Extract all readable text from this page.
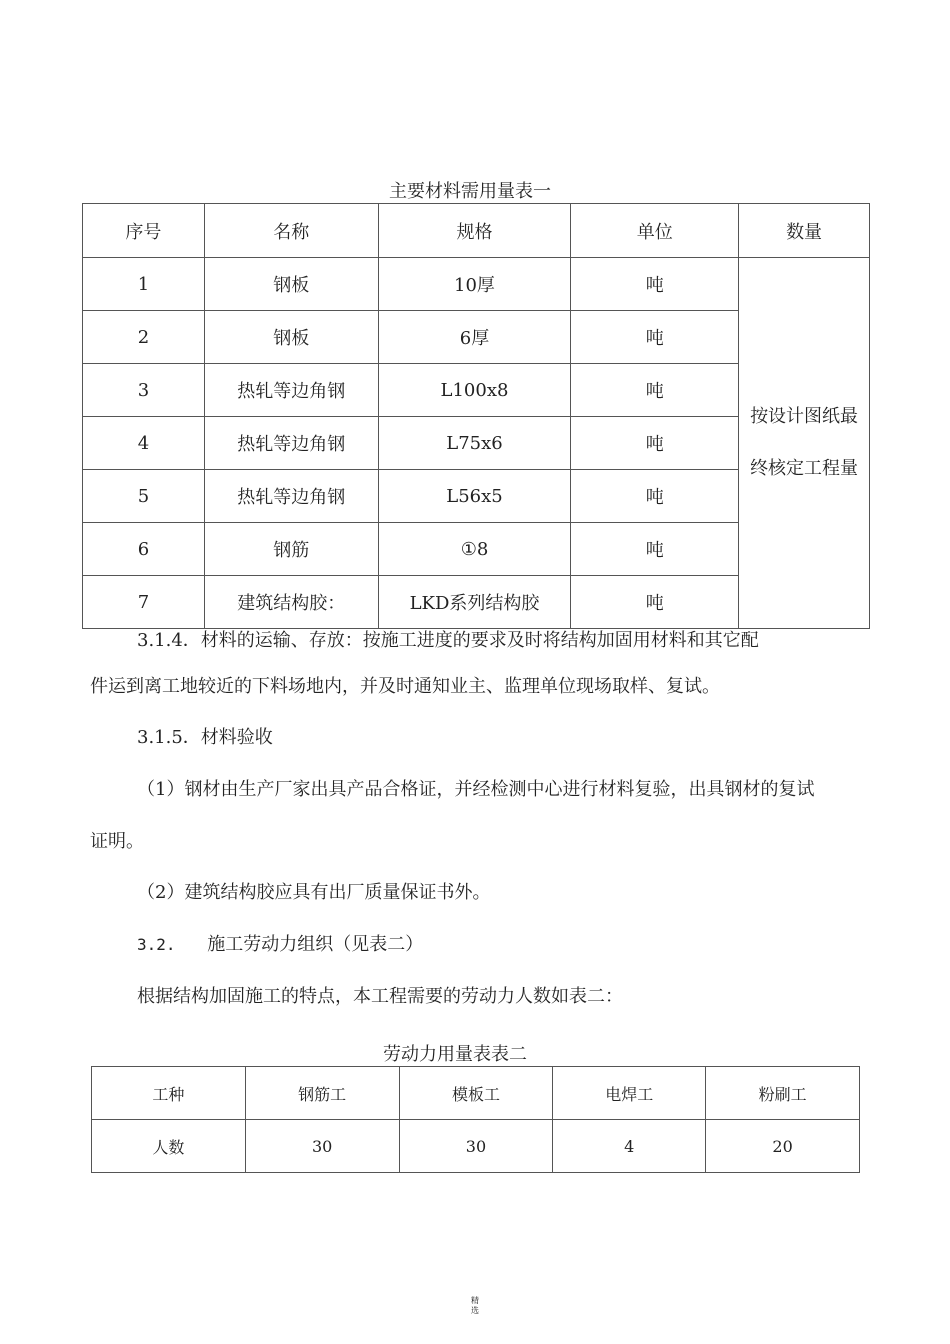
主要材料需用量表一
序号	名称	规格	单位	数量
1	钢板	10厚	吨	按设计图纸最
终核定工程量

2	钢板	6厚	吨	
3	热轧等边角钢	L100x8	吨	
4	热轧等边角钢	L75x6	吨	
5	热轧等边角钢	L56x5	吨	
6	钢筋	①8	吨	
7	建筑结构胶：	LKD系列结构胶	吨	
3.1.4．材料的运输、存放：按施工进度的要求及时将结构加固用材料和其它配
件运到离工地较近的下料场地内，并及时通知业主、监理单位现场取样、复试。
3.1.5．材料验收
（1）钢材由生产厂家出具产品合格证，并经检测中心进行材料复验，出具钢材的复试
证明。
（2）建筑结构胶应具有出厂质量保证书外。
3.2. 施工劳动力组织（见表二）
根据结构加固施工的特点，本工程需要的劳动力人数如表二：
劳动力用量表表二
工种	钢筋工	模板工	电焊工	粉刷工
人数	30	30	4	20
精
选
